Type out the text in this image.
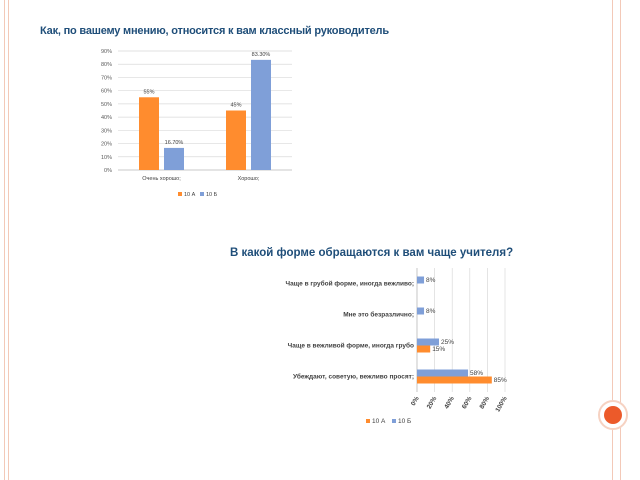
Как, по вашему мнению, относится к вам классный руководитель
В какой форме обращаются к вам чаще учителя?
0%
10%
20%
30%
40%
50%
60%
70%
80%
90%
55%
16.70%
Очень хорошо;
45%
83.30%
Хорошо;
10 А 10 Б
0% 20% 40% 60% 80% 100%
8%
Чаще в грубой форме, иногда вежливо;
8%
Мне это безразлично;
25%
15%
Чаще в вежливой форме, иногда грубо
58%
85%
Убеждают, советую, вежливо просят;
10 А 10 Б
